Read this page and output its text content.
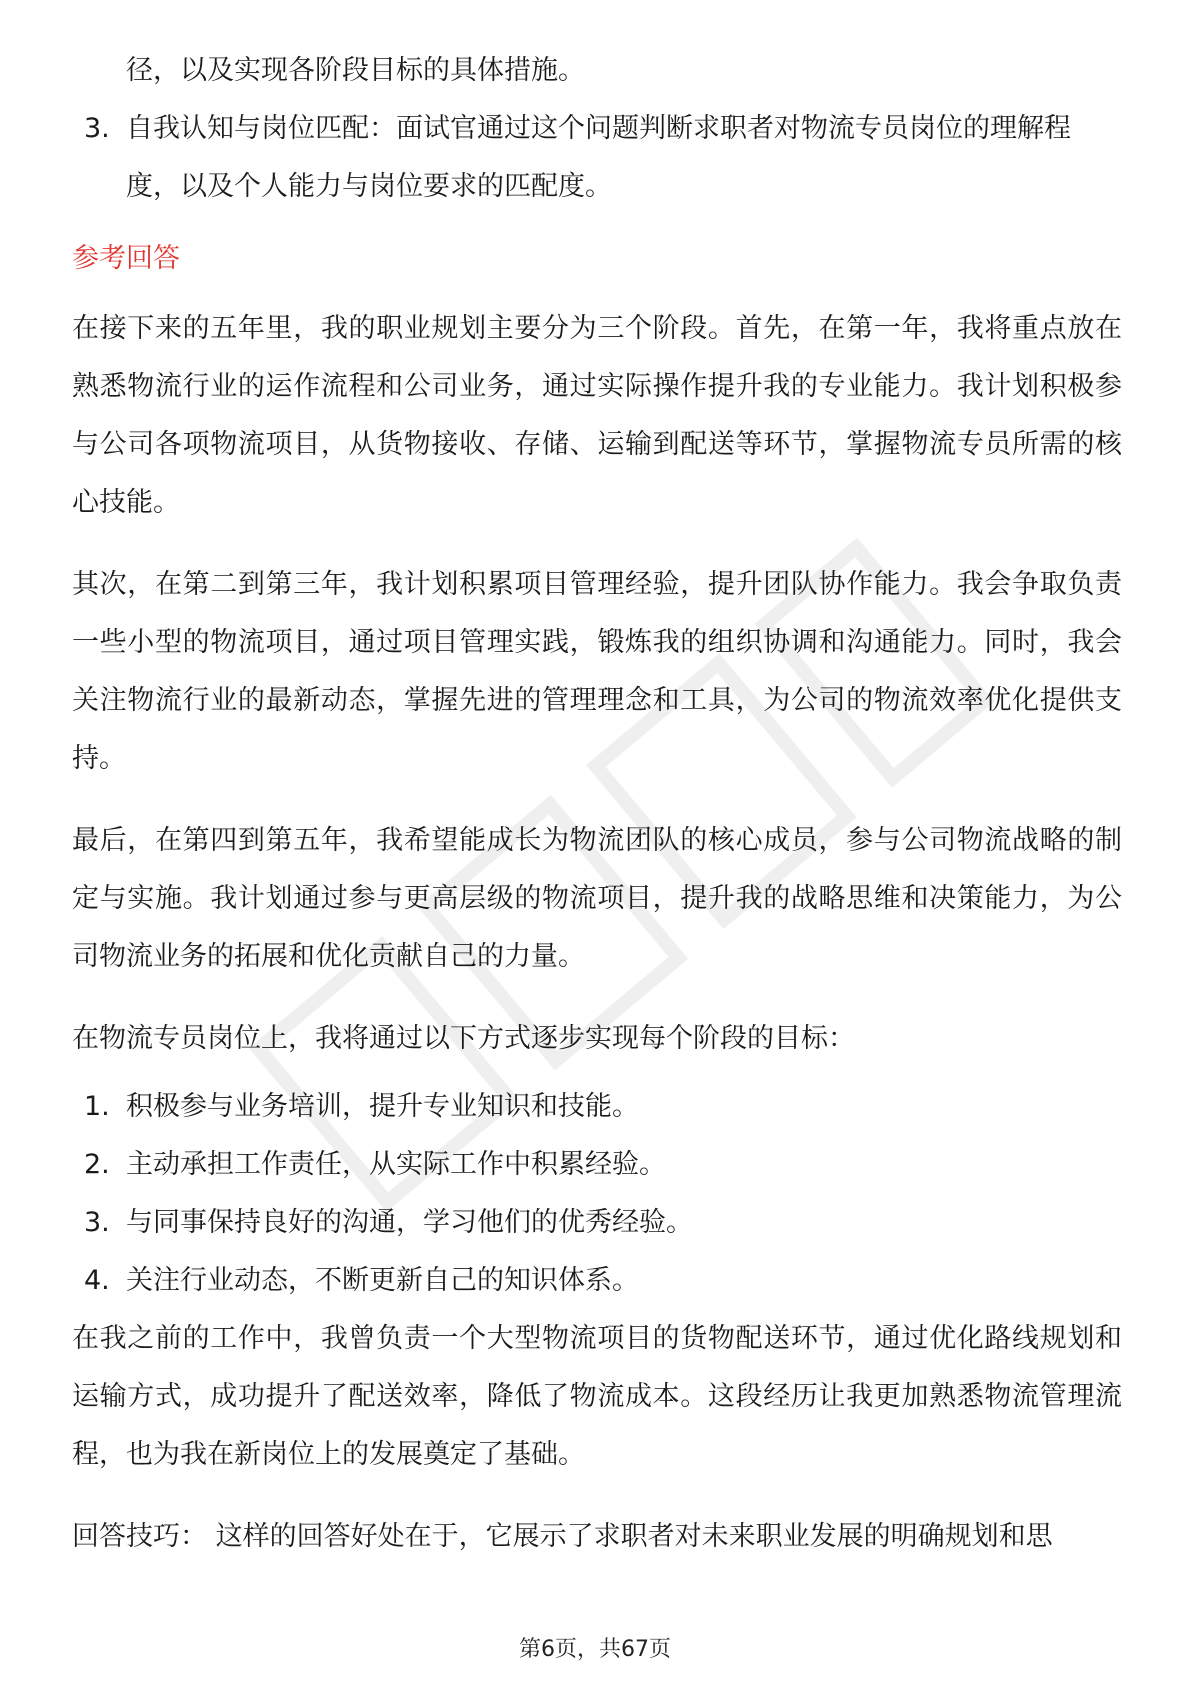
径，以及实现各阶段目标的具体措施。

3. 自我认知与岗位匹配：面试官通过这个问题判断求职者对物流专员岗位的理解程度，以及个人能力与岗位要求的匹配度。
参考回答

在接下来的五年里，我的职业规划主要分为三个阶段。首先，在第一年，我将重点放在熟悉物流行业的运作流程和公司业务，通过实际操作提升我的专业能力。我计划积极参与公司各项物流项目，从货物接收、存储、运输到配送等环节，掌握物流专员所需的核心技能。

其次，在第二到第三年，我计划积累项目管理经验，提升团队协作能力。我会争取负责一些小型的物流项目，通过项目管理实践，锻炼我的组织协调和沟通能力。同时，我会关注物流行业的最新动态，掌握先进的管理理念和工具，为公司的物流效率优化提供支持。

最后，在第四到第五年，我希望能成长为物流团队的核心成员，参与公司物流战略的制定与实施。我计划通过参与更高层级的物流项目，提升我的战略思维和决策能力，为公司物流业务的拓展和优化贡献自己的力量。

在物流专员岗位上，我将通过以下方式逐步实现每个阶段的目标：

1. 积极参与业务培训，提升专业知识和技能。
2. 主动承担工作责任，从实际工作中积累经验。
3. 与同事保持良好的沟通，学习他们的优秀经验。
4. 关注行业动态，不断更新自己的知识体系。

在我之前的工作中，我曾负责一个大型物流项目的货物配送环节，通过优化路线规划和运输方式，成功提升了配送效率，降低了物流成本。这段经历让我更加熟悉物流管理流程，也为我在新岗位上的发展奠定了基础。

回答技巧： 这样的回答好处在于，它展示了求职者对未来职业发展的明确规划和思

第6页，共67页
